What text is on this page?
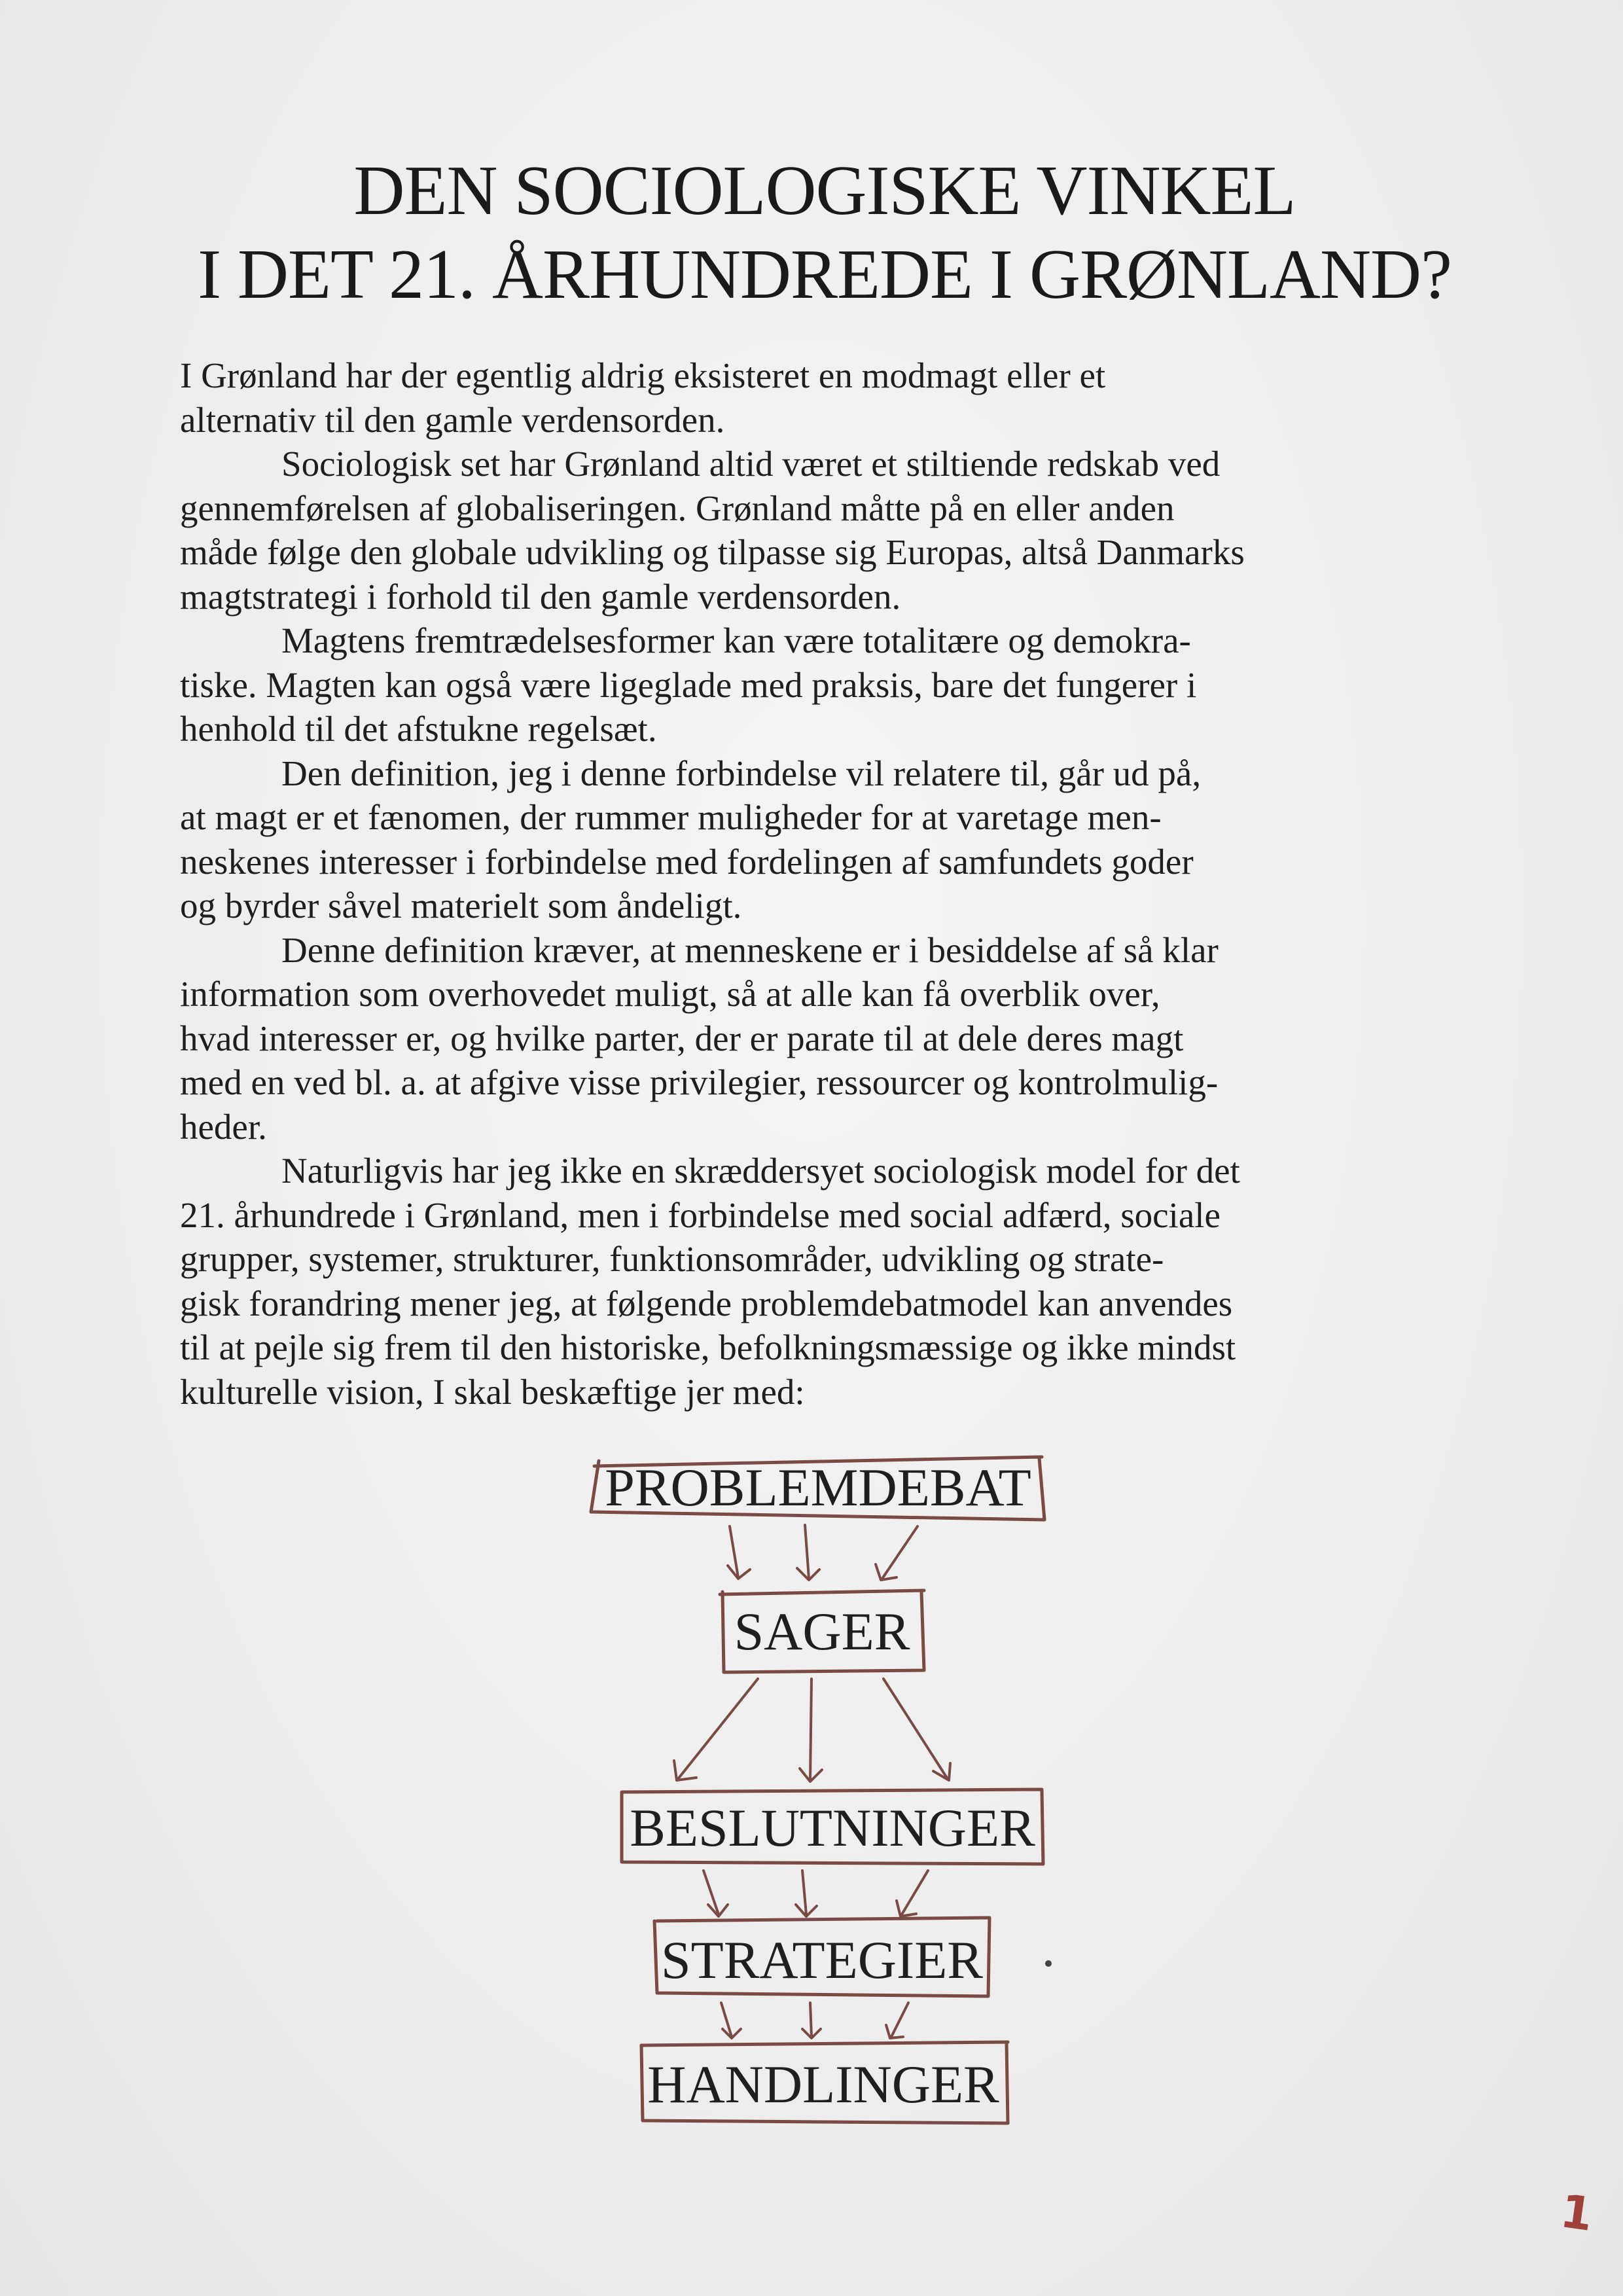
DEN SOCIOLOGISKE VINKEL
I DET 21. ÅRHUNDREDE I GRØNLAND?

I Grønland har der egentlig aldrig eksisteret en modmagt eller et
alternativ til den gamle verdensorden.

Sociologisk set har Grønland altid været et stiltiende redskab ved
gennemførelsen af globaliseringen. Grønland måtte på en eller anden
måde følge den globale udvikling og tilpasse sig Europas, altså Danmarks
magtstrategi i forhold til den gamle verdensorden.

Magtens fremtrædelsesformer kan være totalitære og demokra-
tiske. Magten kan også være ligeglade med praksis, bare det fungerer i
henhold til det afstukne regelsæt.

Den definition, jeg i denne forbindelse vil relatere til, går ud på,
at magt er et fænomen, der rummer muligheder for at varetage men-
neskenes interesser i forbindelse med fordelingen af samfundets goder
og byrder såvel materielt som åndeligt.

Denne definition kræver, at menneskene er i besiddelse af så klar
information som overhovedet muligt, så at alle kan få overblik over,
hvad interesser er, og hvilke parter, der er parate til at dele deres magt
med en ved bl. a. at afgive visse privilegier, ressourcer og kontrolmulig-
heder.

Naturligvis har jeg ikke en skræddersyet sociologisk model for det
21. århundrede i Grønland, men i forbindelse med social adfærd, sociale
grupper, systemer, strukturer, funktionsområder, udvikling og strate-
gisk forandring mener jeg, at følgende problemdebatmodel kan anvendes
til at pejle sig frem til den historiske, befolkningsmæssige og ikke mindst
kulturelle vision, I skal beskæftige jer med:

PROBLEMDEBAT
SAGER
BESLUTNINGER
STRATEGIER
HANDLINGER
1
